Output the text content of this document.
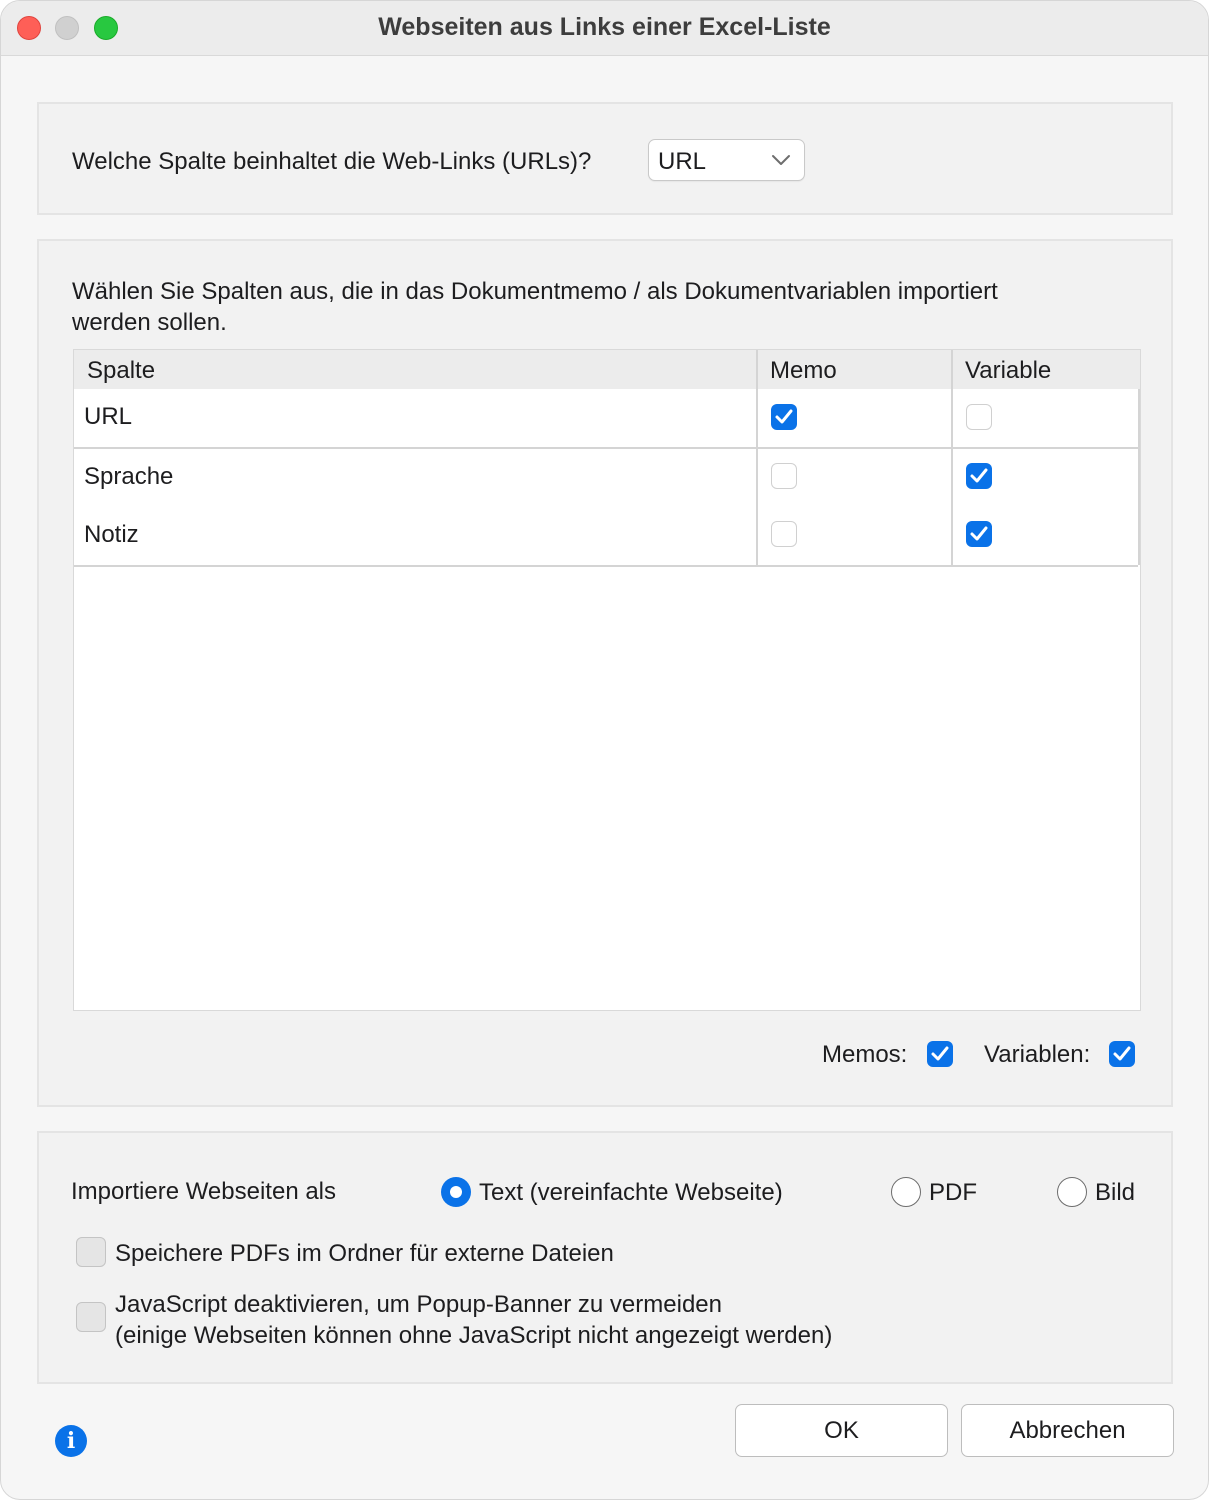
Webseiten aus Links einer Excel-Liste
Welche Spalte beinhaltet die Web-Links (URLs)?	URL
Wählen Sie Spalten aus, die in das Dokumentmemo / als Dokumentvariablen importiert
werden sollen.
Spalte	Memo	Variable
URL
Sprache
Notiz
Memos:	Variablen:
Importiere Webseiten als	Text (vereinfachte Webseite)	PDF	Bild
Speichere PDFs im Ordner für externe Dateien
JavaScript deaktivieren, um Popup-Banner zu vermeiden
(einige Webseiten können ohne JavaScript nicht angezeigt werden)
i	OK	Abbrechen
